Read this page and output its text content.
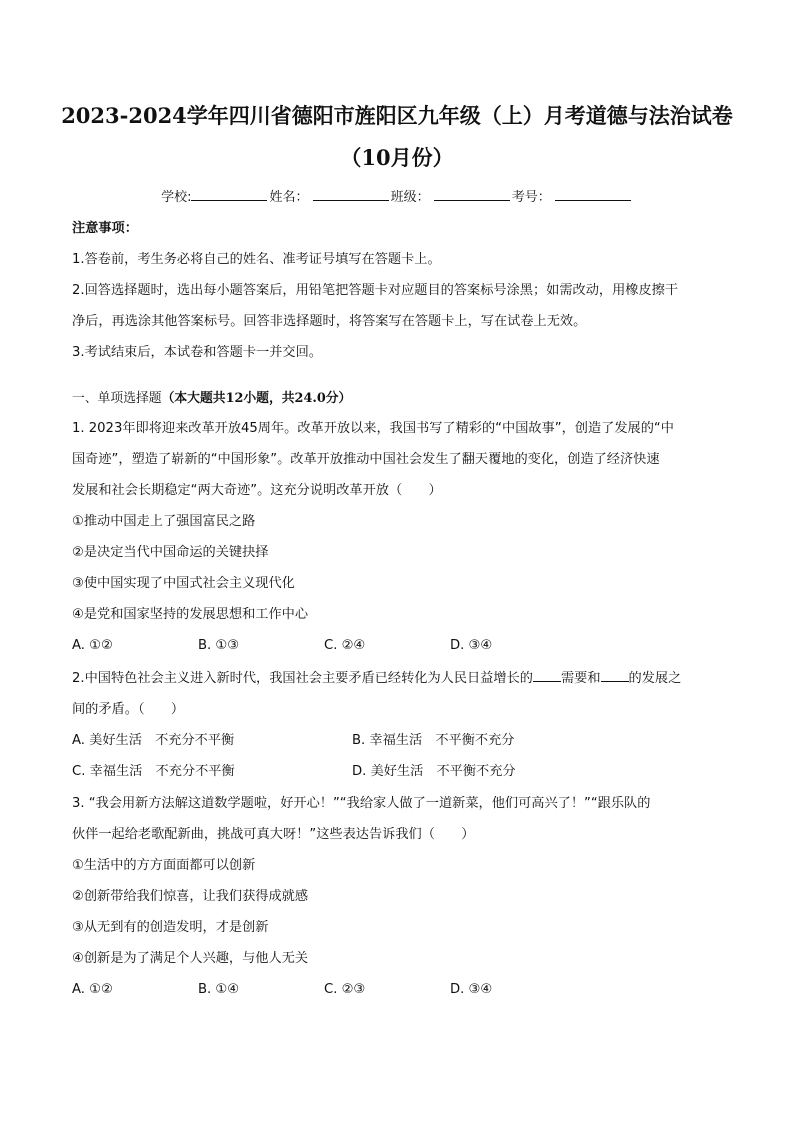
2023-2024学年四川省德阳市旌阳区九年级（上）月考道德与法治试卷
（10月份）
学校:	姓名：	班级：	考号：

注意事项：

1.答卷前，考生务必将自己的姓名、准考证号填写在答题卡上。

2.回答选择题时，选出每小题答案后，用铅笔把答题卡对应题目的答案标号涂黑；如需改动，用橡皮擦干

净后，再选涂其他答案标号。回答非选择题时，将答案写在答题卡上，写在试卷上无效。

3.考试结束后，本试卷和答题卡一并交回。

一、单项选择题（本大题共12小题，共24.0分）

1. 2023年即将迎来改革开放45周年。改革开放以来，我国书写了精彩的“中国故事”，创造了发展的“中

国奇迹”，塑造了崭新的“中国形象”。改革开放推动中国社会发生了翻天覆地的变化，创造了经济快速

发展和社会长期稳定“两大奇迹”。这充分说明改革开放（　　）

①推动中国走上了强国富民之路

②是决定当代中国命运的关键抉择

③使中国实现了中国式社会主义现代化

④是党和国家坚持的发展思想和工作中心

A. ①②	B. ①③	C. ②④	D. ③④

2.中国特色社会主义进入新时代，我国社会主要矛盾已经转化为人民日益增长的 需要和 的发展之

间的矛盾。（　　）

A. 美好生活　不充分不平衡	B. 幸福生活　不平衡不充分
C. 幸福生活　不充分不平衡	D. 美好生活　不平衡不充分

3. “我会用新方法解这道数学题啦，好开心！”“我给家人做了一道新菜，他们可高兴了！”“跟乐队的

伙伴一起给老歌配新曲，挑战可真大呀！”这些表达告诉我们（　　）

①生活中的方方面面都可以创新

②创新带给我们惊喜，让我们获得成就感

③从无到有的创造发明，才是创新

④创新是为了满足个人兴趣，与他人无关

A. ①②	B. ①④	C. ②③	D. ③④
